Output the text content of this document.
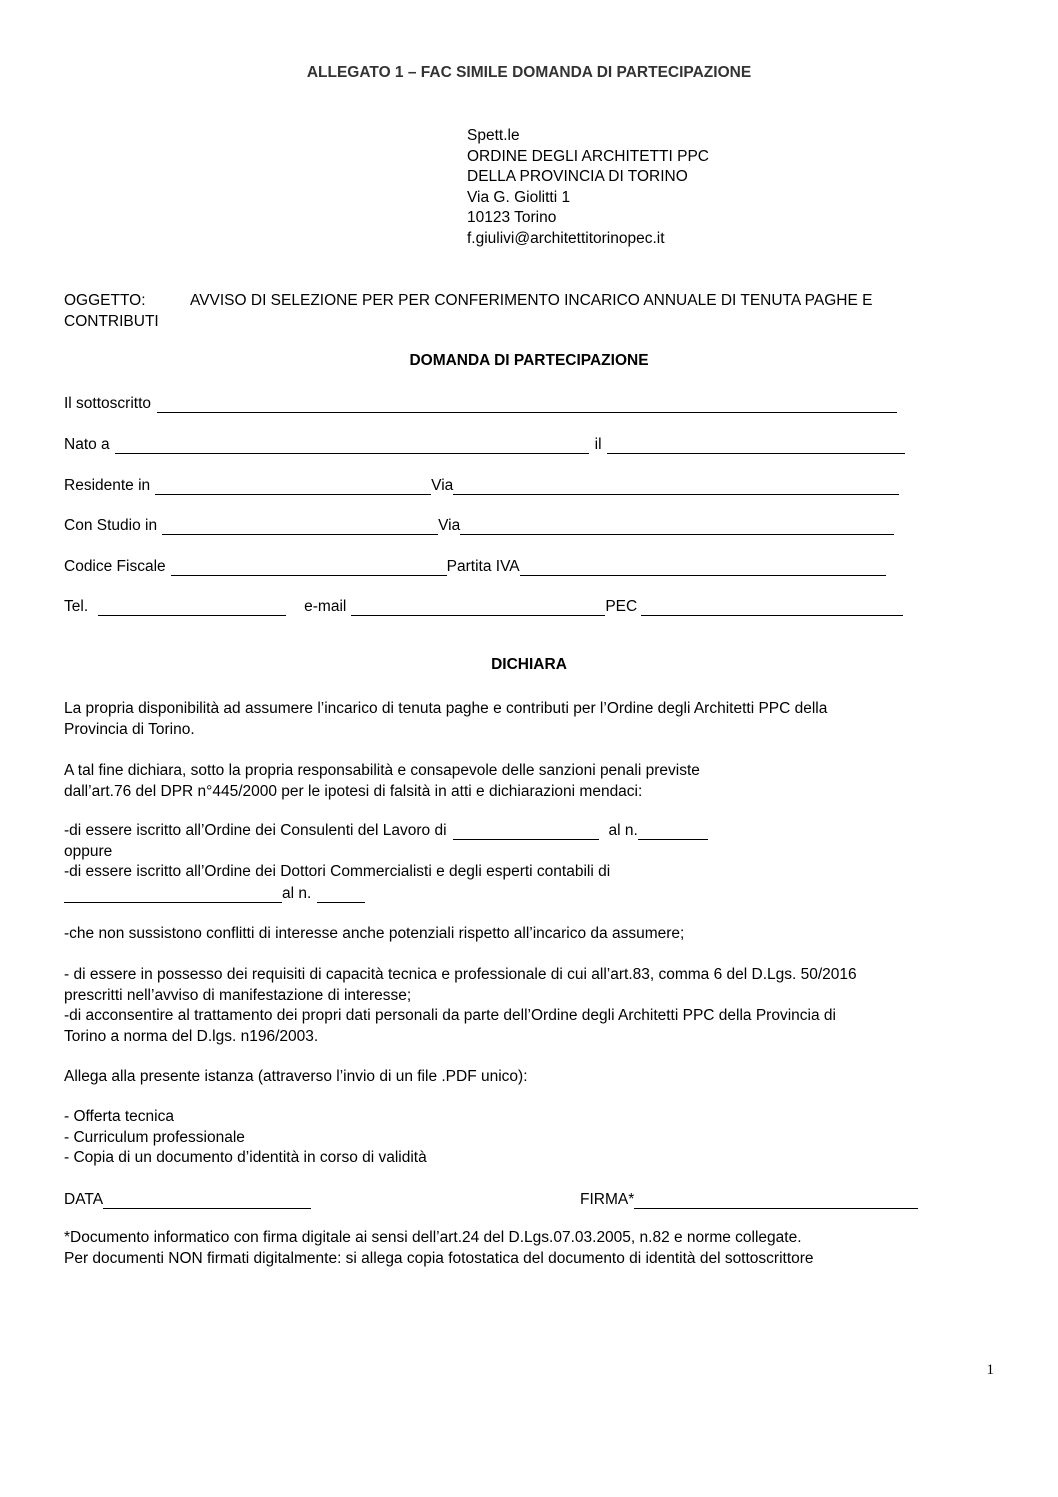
ALLEGATO 1 – FAC SIMILE DOMANDA DI PARTECIPAZIONE
Spett.le
ORDINE DEGLI ARCHITETTI PPC
DELLA PROVINCIA DI TORINO
Via G. Giolitti 1
10123 Torino
f.giulivi@architettitorinopec.it
OGGETTO:	AVVISO DI SELEZIONE PER PER CONFERIMENTO INCARICO ANNUALE DI TENUTA PAGHE E
CONTRIBUTI
DOMANDA DI PARTECIPAZIONE
Il sottoscritto
Nato a	il
Residente in	Via
Con Studio in	Via
Codice Fiscale	Partita IVA
Tel.	e-mail	PEC
DICHIARA
La propria disponibilità ad assumere l’incarico di tenuta paghe e contributi per l’Ordine degli Architetti PPC della
Provincia di Torino.
A tal fine dichiara, sotto la propria responsabilità e consapevole delle sanzioni penali previste
dall’art.76 del DPR n°445/2000 per le ipotesi di falsità in atti e dichiarazioni mendaci:
-di essere iscritto all’Ordine dei Consulenti del Lavoro di	al n.
oppure
-di essere iscritto all’Ordine dei Dottori Commercialisti e degli esperti contabili di
al n.
-che non sussistono conflitti di interesse anche potenziali rispetto all’incarico da assumere;
- di essere in possesso dei requisiti di capacità tecnica e professionale di cui all’art.83, comma 6 del D.Lgs. 50/2016
prescritti nell’avviso di manifestazione di interesse;
-di acconsentire al trattamento dei propri dati personali da parte dell’Ordine degli Architetti PPC della Provincia di
Torino a norma del D.lgs. n196/2003.
Allega alla presente istanza (attraverso l’invio di un file .PDF unico):
- Offerta tecnica
- Curriculum professionale
- Copia di un documento d’identità in corso di validità
DATA	FIRMA*
*Documento informatico con firma digitale ai sensi dell’art.24 del D.Lgs.07.03.2005, n.82 e norme collegate.
Per documenti NON firmati digitalmente: si allega copia fotostatica del documento di identità del sottoscrittore
1
